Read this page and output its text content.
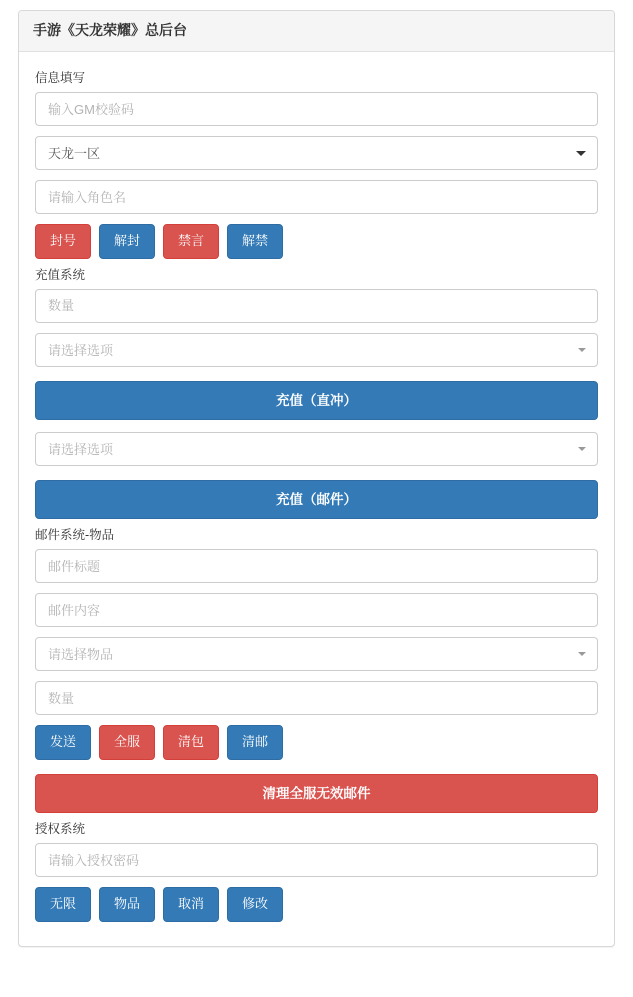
手游《天龙荣耀》总后台
信息填写
输入GM校验码
天龙一区
请输入角色名
封号	解封	禁言	解禁
充值系统
数量
请选择选项
充值（直冲）
请选择选项
充值（邮件）
邮件系统-物品
邮件标题
邮件内容
请选择物品
数量
发送	全服	清包	清邮
清理全服无效邮件
授权系统
请输入授权密码
无限	物品	取消	修改
